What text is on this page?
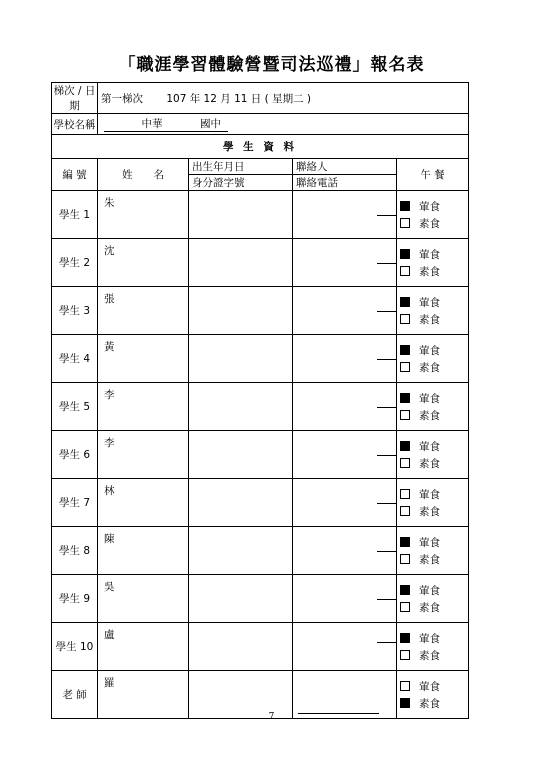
「職涯學習體驗營暨司法巡禮」報名表
梯次 / 日期	第一梯次 107 年 12 月 11 日 ( 星期二 )			
學校名稱	中華 國中			
學 生 資 料				
編 號	姓　　名	出生年月日	聯絡人	午 餐
		身分證字號	聯絡電話	
學生 1	朱			葷食
素食

學生 2	沈			葷食
素食

學生 3	張			葷食
素食

學生 4	黃			葷食
素食

學生 5	李			葷食
素食

學生 6	李			葷食
素食

學生 7	林			葷食
素食

學生 8	陳			葷食
素食

學生 9	吳			葷食
素食

學生 10	盧			葷食
素食

老 師	羅			葷食
素食
7
